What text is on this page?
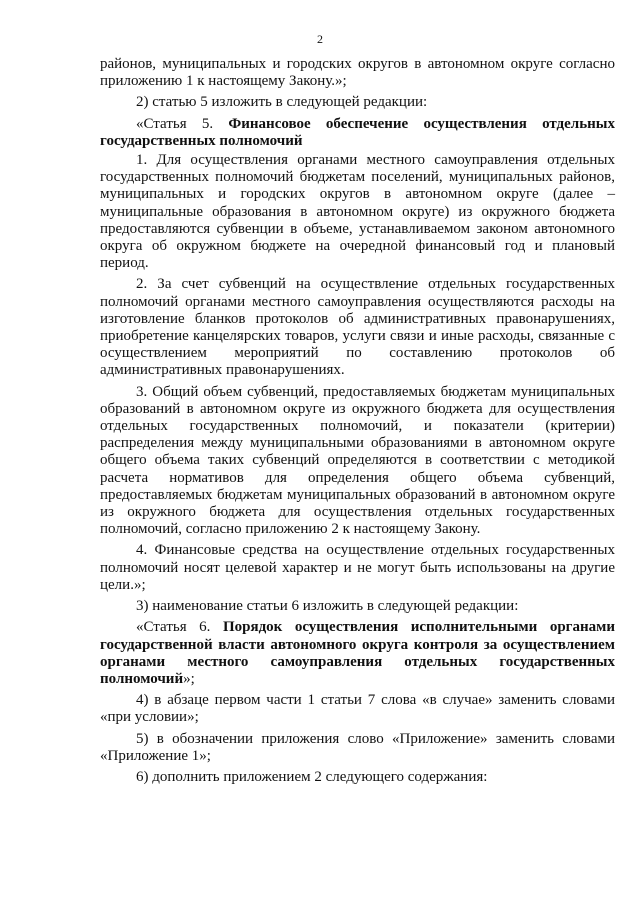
2

районов, муниципальных и городских округов в автономном округе согласно приложению 1 к настоящему Закону.»;

2) статью 5 изложить в следующей редакции:

«Статья 5. Финансовое обеспечение осуществления отдельных государственных полномочий

1. Для осуществления органами местного самоуправления отдельных государственных полномочий бюджетам поселений, муниципальных районов, муниципальных и городских округов в автономном округе (далее – муниципальные образования в автономном округе) из окружного бюджета предоставляются субвенции в объеме, устанавливаемом законом автономного округа об окружном бюджете на очередной финансовый год и плановый период.

2. За счет субвенций на осуществление отдельных государственных полномочий органами местного самоуправления осуществляются расходы на изготовление бланков протоколов об административных правонарушениях, приобретение канцелярских товаров, услуги связи и иные расходы, связанные с осуществлением мероприятий по составлению протоколов об административных правонарушениях.

3. Общий объем субвенций, предоставляемых бюджетам муниципальных образований в автономном округе из окружного бюджета для осуществления отдельных государственных полномочий, и показатели (критерии) распределения между муниципальными образованиями в автономном округе общего объема таких субвенций определяются в соответствии с методикой расчета нормативов для определения общего объема субвенций, предоставляемых бюджетам муниципальных образований в автономном округе из окружного бюджета для осуществления отдельных государственных полномочий, согласно приложению 2 к настоящему Закону.

4. Финансовые средства на осуществление отдельных государственных полномочий носят целевой характер и не могут быть использованы на другие цели.»;

3) наименование статьи 6 изложить в следующей редакции:

«Статья 6. Порядок осуществления исполнительными органами государственной власти автономного округа контроля за осуществлением органами местного самоуправления отдельных государственных полномочий»;

4) в абзаце первом части 1 статьи 7 слова «в случае» заменить словами «при условии»;

5) в обозначении приложения слово «Приложение» заменить словами «Приложение 1»;

6) дополнить приложением 2 следующего содержания:
